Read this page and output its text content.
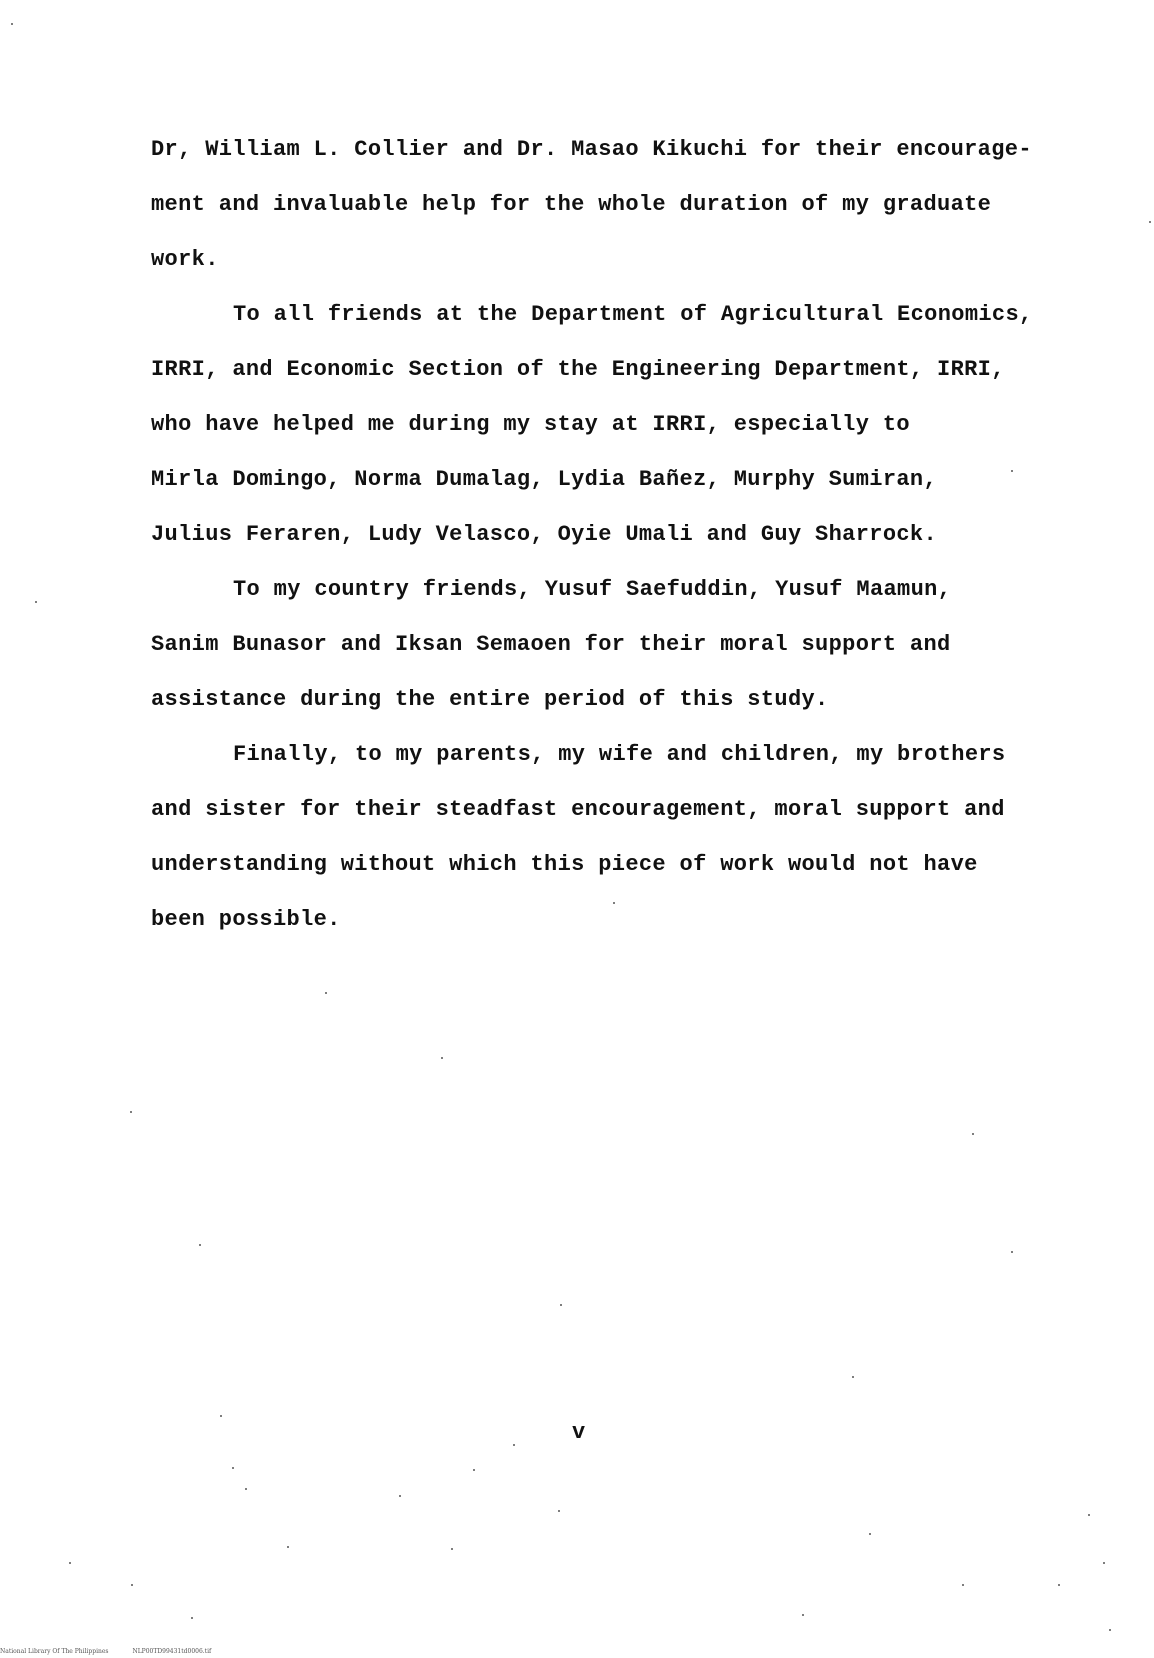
Dr, William L. Collier and Dr. Masao Kikuchi for their encourage-
ment and invaluable help for the whole duration of my graduate
work.
To all friends at the Department of Agricultural Economics,
IRRI, and Economic Section of the Engineering Department, IRRI,
who have helped me during my stay at IRRI, especially to
Mirla Domingo, Norma Dumalag, Lydia Bañez, Murphy Sumiran,
Julius Feraren, Ludy Velasco, Oyie Umali and Guy Sharrock.
To my country friends, Yusuf Saefuddin, Yusuf Maamun,
Sanim Bunasor and Iksan Semaoen for their moral support and
assistance during the entire period of this study.
Finally, to my parents, my wife and children, my brothers
and sister for their steadfast encouragement, moral support and
understanding without which this piece of work would not have
been possible.
v
National Library Of The Philippines	NLP00TD99431td0006.tif
